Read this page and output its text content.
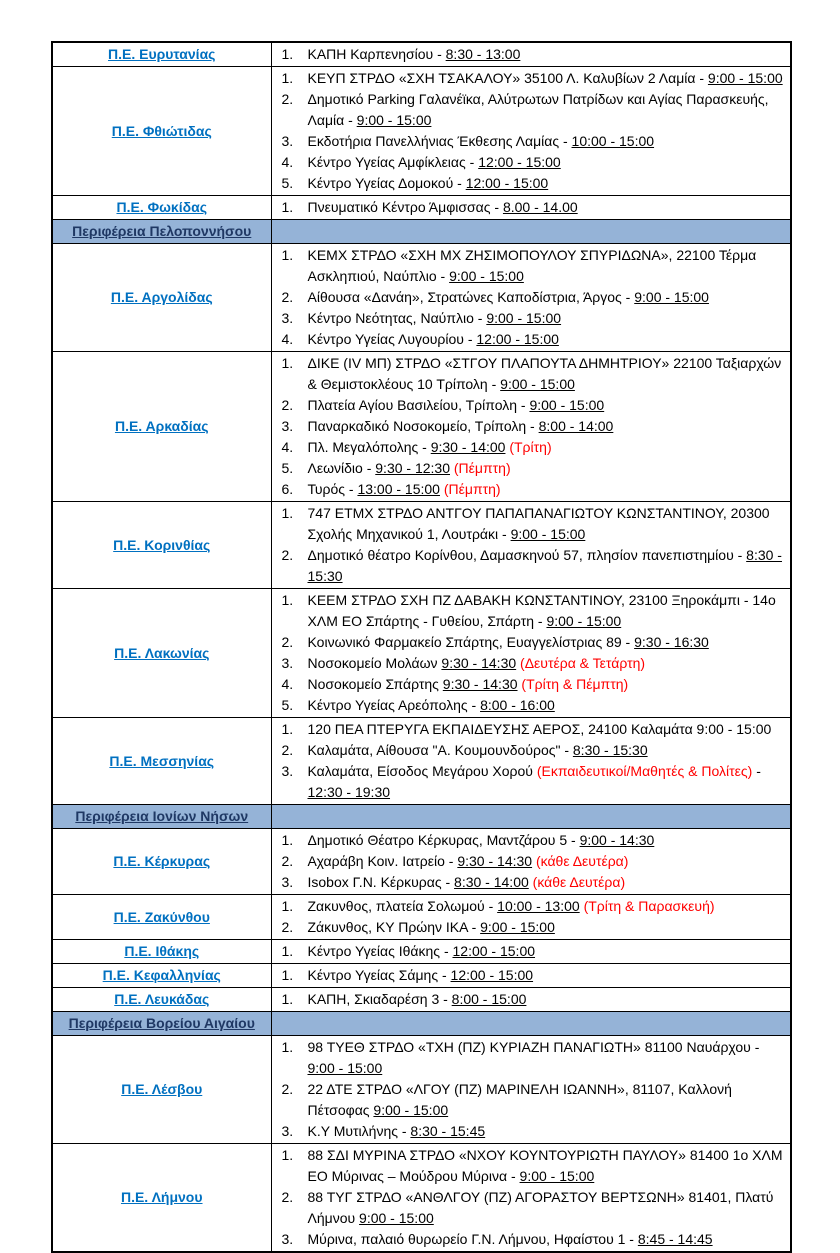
Π.Ε. Ευρυτανίας	ΚΑΠΗ Καρπενησίου - 8:30 - 13:00

Π.Ε. Φθιώτιδας	
ΚΕΥΠ ΣΤΡΔΟ «ΣΧΗ ΤΣΑΚΑΛΟΥ» 35100 Λ. Καλυβίων 2 Λαμία - 9:00 - 15:00
Δημοτικό Parking Γαλανέϊκα, Αλύτρωτων Πατρίδων και Αγίας Παρασκευής, Λαμία - 9:00 - 15:00
Εκδοτήρια Πανελλήνιας Έκθεσης Λαμίας - 10:00 - 15:00
Κέντρο Υγείας Αμφίκλειας - 12:00 - 15:00
Κέντρο Υγείας Δομοκού - 12:00 - 15:00

Π.Ε. Φωκίδας	Πνευματικό Κέντρο Άμφισσας - 8.00 - 14.00

Περιφέρεια Πελοποννήσου	
Π.Ε. Αργολίδας	
ΚΕΜΧ ΣΤΡΔΟ «ΣΧΗ ΜΧ ΖΗΣΙΜΟΠΟΥΛΟΥ ΣΠΥΡΙΔΩΝΑ», 22100 Τέρμα Ασκληπιού, Ναύπλιο - 9:00 - 15:00
Αίθουσα «Δανάη», Στρατώνες Καποδίστρια, Άργος - 9:00 - 15:00
Κέντρο Νεότητας, Ναύπλιο - 9:00 - 15:00
Κέντρο Υγείας Λυγουρίου - 12:00 - 15:00

Π.Ε. Αρκαδίας	
ΔΙΚΕ (IV ΜΠ) ΣΤΡΔΟ «ΣΤΓΟΥ ΠΛΑΠΟΥΤΑ ΔΗΜΗΤΡΙΟΥ» 22100 Ταξιαρχών & Θεμιστοκλέους 10 Τρίπολη - 9:00 - 15:00
Πλατεία Αγίου Βασιλείου, Τρίπολη - 9:00 - 15:00
Παναρκαδικό Νοσοκομείο, Τρίπολη - 8:00 - 14:00
Πλ. Μεγαλόπολης - 9:30 - 14:00 (Τρίτη)
Λεωνίδιο - 9:30 - 12:30 (Πέμπτη)
Τυρός - 13:00 - 15:00 (Πέμπτη)

Π.Ε. Κορινθίας	
747 ΕΤΜΧ ΣΤΡΔΟ ΑΝΤΓΟΥ ΠΑΠΑΠΑΝΑΓΙΩΤΟΥ ΚΩΝΣΤΑΝΤΙΝΟΥ, 20300 Σχολής Μηχανικού 1, Λουτράκι - 9:00 - 15:00
Δημοτικό θέατρο Κορίνθου, Δαμασκηνού 57, πλησίον πανεπιστημίου - 8:30 - 15:30

Π.Ε. Λακωνίας	
ΚΕΕΜ ΣΤΡΔΟ ΣΧΗ ΠΖ ΔΑΒΑΚΗ ΚΩΝΣΤΑΝΤΙΝΟΥ, 23100 Ξηροκάμπι - 14ο ΧΛΜ ΕΟ Σπάρτης - Γυθείου, Σπάρτη - 9:00 - 15:00
Κοινωνικό Φαρμακείο Σπάρτης, Ευαγγελίστριας 89 - 9:30 - 16:30
Νοσοκομείο Μολάων 9:30 - 14:30 (Δευτέρα & Τετάρτη)
Νοσοκομείο Σπάρτης 9:30 - 14:30 (Τρίτη & Πέμπτη)
Κέντρο Υγείας Αρεόπολης - 8:00 - 16:00

Π.Ε. Μεσσηνίας	
120 ΠΕΑ ΠΤΕΡΥΓΑ ΕΚΠΑΙΔΕΥΣΗΣ ΑΕΡΟΣ, 24100 Καλαμάτα 9:00 - 15:00
Καλαμάτα, Αίθουσα "Α. Κουμουνδούρος" - 8:30 - 15:30
Καλαμάτα, Είσοδος Μεγάρου Χορού (Εκπαιδευτικοί/Μαθητές & Πολίτες) - 12:30 - 19:30

Περιφέρεια Ιονίων Νήσων	
Π.Ε. Κέρκυρας	
Δημοτικό Θέατρο Κέρκυρας, Μαντζάρου 5 - 9:00 - 14:30
Αχαράβη Κοιν. Ιατρείο - 9:30 - 14:30 (κάθε Δευτέρα)
Isobox Γ.Ν. Κέρκυρας - 8:30 - 14:00 (κάθε Δευτέρα)

Π.Ε. Ζακύνθου	
Ζακυνθος, πλατεία Σολωμού - 10:00 - 13:00 (Τρίτη & Παρασκευή)
Ζάκυνθος, ΚΥ Πρώην ΙΚΑ - 9:00 - 15:00

Π.Ε. Ιθάκης	Κέντρο Υγείας Ιθάκης - 12:00 - 15:00

Π.Ε. Κεφαλληνίας	Κέντρο Υγείας Σάμης - 12:00 - 15:00

Π.Ε. Λευκάδας	ΚΑΠΗ, Σκιαδαρέση 3 - 8:00 - 15:00

Περιφέρεια Βορείου Αιγαίου	
Π.Ε. Λέσβου	
98 ΤΥΕΘ ΣΤΡΔΟ «ΤΧΗ (ΠΖ) ΚΥΡΙΑΖΗ ΠΑΝΑΓΙΩΤΗ» 81100 Ναυάρχου - 9:00 - 15:00
22 ΔΤΕ ΣΤΡΔΟ «ΛΓΟΥ (ΠΖ) ΜΑΡΙΝΕΛΗ ΙΩΑΝΝΗ», 81107, Καλλονή Πέτσοφας 9:00 - 15:00
Κ.Υ Μυτιλήνης - 8:30 - 15:45

Π.Ε. Λήμνου	
88 ΣΔΙ ΜΥΡΙΝΑ ΣΤΡΔΟ «ΝΧΟΥ ΚΟΥΝΤΟΥΡΙΩΤΗ ΠΑΥΛΟΥ» 81400 1ο ΧΛΜ ΕΟ Μύρινας – Μούδρου Μύρινα - 9:00 - 15:00
88 ΤΥΓ ΣΤΡΔΟ «ΑΝΘΛΓΟΥ (ΠΖ) ΑΓΟΡΑΣΤΟΥ ΒΕΡΤΣΩΝΗ» 81401, Πλατύ Λήμνου 9:00 - 15:00
Μύρινα, παλαιό θυρωρείο Γ.Ν. Λήμνου, Ηφαίστου 1 - 8:45 - 14:45
